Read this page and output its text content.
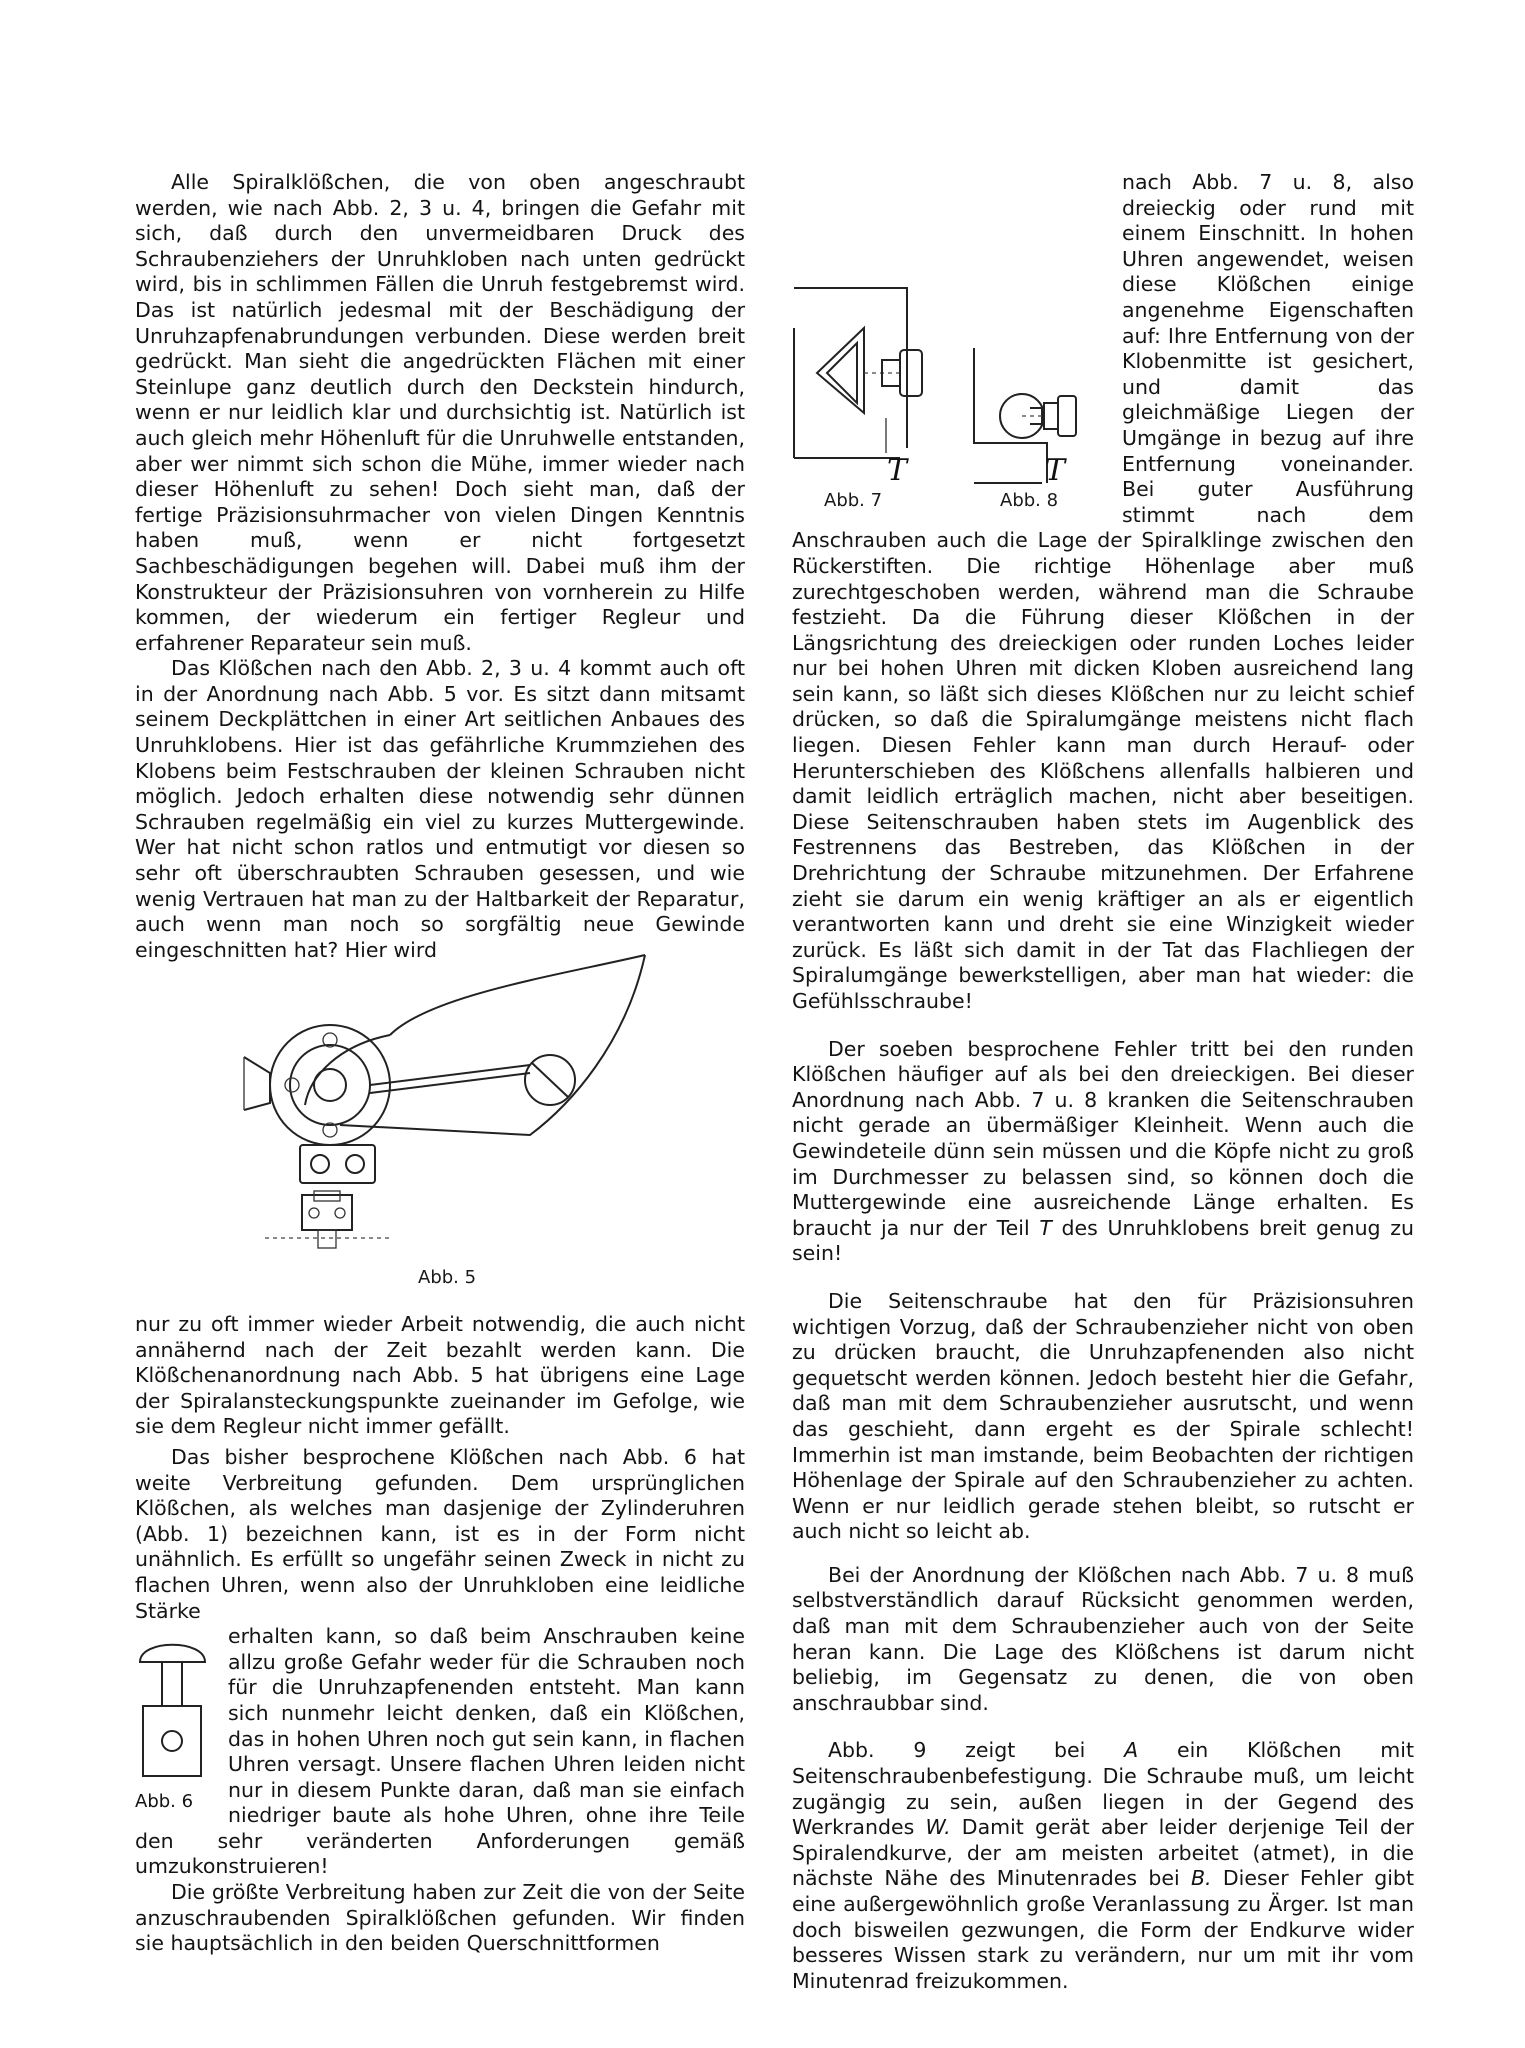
Alle Spiralklößchen, die von oben angeschraubt werden, wie nach Abb. 2, 3 u. 4, bringen die Gefahr mit sich, daß durch den unvermeidbaren Druck des Schraubenziehers der Unruhkloben nach unten gedrückt wird, bis in schlimmen Fällen die Unruh festgebremst wird. Das ist natürlich jedesmal mit der Beschädigung der Unruhzapfenabrundungen verbunden. Diese werden breit gedrückt. Man sieht die angedrückten Flächen mit einer Steinlupe ganz deutlich durch den Deckstein hindurch, wenn er nur leidlich klar und durchsichtig ist. Natürlich ist auch gleich mehr Höhenluft für die Unruhwelle entstanden, aber wer nimmt sich schon die Mühe, immer wieder nach dieser Höhenluft zu sehen! Doch sieht man, daß der fertige Präzisionsuhrmacher von vielen Dingen Kenntnis haben muß, wenn er nicht fortgesetzt Sachbeschädigungen begehen will. Dabei muß ihm der Konstrukteur der Präzisionsuhren von vornherein zu Hilfe kommen, der wiederum ein fertiger Regleur und erfahrener Reparateur sein muß.

Das Klößchen nach den Abb. 2, 3 u. 4 kommt auch oft in der Anordnung nach Abb. 5 vor. Es sitzt dann mitsamt seinem Deckplättchen in einer Art seitlichen Anbaues des Unruhklobens. Hier ist das gefährliche Krummziehen des Klobens beim Festschrauben der kleinen Schrauben nicht möglich. Jedoch erhalten diese notwendig sehr dünnen Schrauben regelmäßig ein viel zu kurzes Muttergewinde. Wer hat nicht schon ratlos und entmutigt vor diesen so sehr oft überschraubten Schrauben gesessen, und wie wenig Vertrauen hat man zu der Haltbarkeit der Reparatur, auch wenn man noch so sorgfältig neue Gewinde eingeschnitten hat? Hier wird

Abb. 5

nur zu oft immer wieder Arbeit notwendig, die auch nicht annähernd nach der Zeit bezahlt werden kann. Die Klößchenanordnung nach Abb. 5 hat übrigens eine Lage der Spiralansteckungspunkte zueinander im Gefolge, wie sie dem Regleur nicht immer gefällt.

Das bisher besprochene Klößchen nach Abb. 6 hat weite Verbreitung gefunden. Dem ursprünglichen Klößchen, als welches man dasjenige der Zylinderuhren (Abb. 1) bezeichnen kann, ist es in der Form nicht unähnlich. Es erfüllt so ungefähr seinen Zweck in nicht zu flachen Uhren, wenn also der Unruhkloben eine leidliche Stärke

Abb. 6

erhalten kann, so daß beim Anschrauben keine allzu große Gefahr weder für die Schrauben noch für die Unruhzapfenenden entsteht. Man kann sich nunmehr leicht denken, daß ein Klößchen, das in hohen Uhren noch gut sein kann, in flachen Uhren versagt. Unsere flachen Uhren leiden nicht nur in diesem Punkte daran, daß man sie einfach niedriger baute als hohe Uhren, ohne ihre Teile den sehr veränderten Anforderungen gemäß umzukonstruieren!

Die größte Verbreitung haben zur Zeit die von der Seite anzuschraubenden Spiralklößchen gefunden. Wir finden sie hauptsächlich in den beiden Querschnittformen

T
Abb. 7
T
Abb. 8

nach Abb. 7 u. 8, also dreieckig oder rund mit einem Einschnitt. In hohen Uhren angewendet, weisen diese Klößchen einige angenehme Eigenschaften auf: Ihre Entfernung von der Klobenmitte ist gesichert, und damit das gleichmäßige Liegen der Umgänge in bezug auf ihre Entfernung voneinander. Bei guter Ausführung stimmt nach dem Anschrauben auch die Lage der Spiralklinge zwischen den Rückerstiften. Die richtige Höhenlage aber muß zurechtgeschoben werden, während man die Schraube festzieht. Da die Führung dieser Klößchen in der Längsrichtung des dreieckigen oder runden Loches leider nur bei hohen Uhren mit dicken Kloben ausreichend lang sein kann, so läßt sich dieses Klößchen nur zu leicht schief drücken, so daß die Spiralumgänge meistens nicht flach liegen. Diesen Fehler kann man durch Herauf- oder Herunterschieben des Klößchens allenfalls halbieren und damit leidlich erträglich machen, nicht aber beseitigen. Diese Seitenschrauben haben stets im Augenblick des Festrennens das Bestreben, das Klößchen in der Drehrichtung der Schraube mitzunehmen. Der Erfahrene zieht sie darum ein wenig kräftiger an als er eigentlich verantworten kann und dreht sie eine Winzigkeit wieder zurück. Es läßt sich damit in der Tat das Flachliegen der Spiralumgänge bewerkstelligen, aber man hat wieder: die Gefühlsschraube!

Der soeben besprochene Fehler tritt bei den runden Klößchen häufiger auf als bei den dreieckigen. Bei dieser Anordnung nach Abb. 7 u. 8 kranken die Seitenschrauben nicht gerade an übermäßiger Kleinheit. Wenn auch die Gewindeteile dünn sein müssen und die Köpfe nicht zu groß im Durchmesser zu belassen sind, so können doch die Muttergewinde eine ausreichende Länge erhalten. Es braucht ja nur der Teil T des Unruhklobens breit genug zu sein!

Die Seitenschraube hat den für Präzisionsuhren wichtigen Vorzug, daß der Schraubenzieher nicht von oben zu drücken braucht, die Unruhzapfenenden also nicht gequetscht werden können. Jedoch besteht hier die Gefahr, daß man mit dem Schraubenzieher ausrutscht, und wenn das geschieht, dann ergeht es der Spirale schlecht! Immerhin ist man imstande, beim Beobachten der richtigen Höhenlage der Spirale auf den Schraubenzieher zu achten. Wenn er nur leidlich gerade stehen bleibt, so rutscht er auch nicht so leicht ab.

Bei der Anordnung der Klößchen nach Abb. 7 u. 8 muß selbstverständlich darauf Rücksicht genommen werden, daß man mit dem Schraubenzieher auch von der Seite heran kann. Die Lage des Klößchens ist darum nicht beliebig, im Gegensatz zu denen, die von oben anschraubbar sind.

Abb. 9 zeigt bei A ein Klößchen mit Seitenschraubenbefestigung. Die Schraube muß, um leicht zugängig zu sein, außen liegen in der Gegend des Werkrandes W. Damit gerät aber leider derjenige Teil der Spiralendkurve, der am meisten arbeitet (atmet), in die nächste Nähe des Minutenrades bei B. Dieser Fehler gibt eine außergewöhnlich große Veranlassung zu Ärger. Ist man doch bisweilen gezwungen, die Form der Endkurve wider besseres Wissen stark zu verändern, nur um mit ihr vom Minutenrad freizukommen.
